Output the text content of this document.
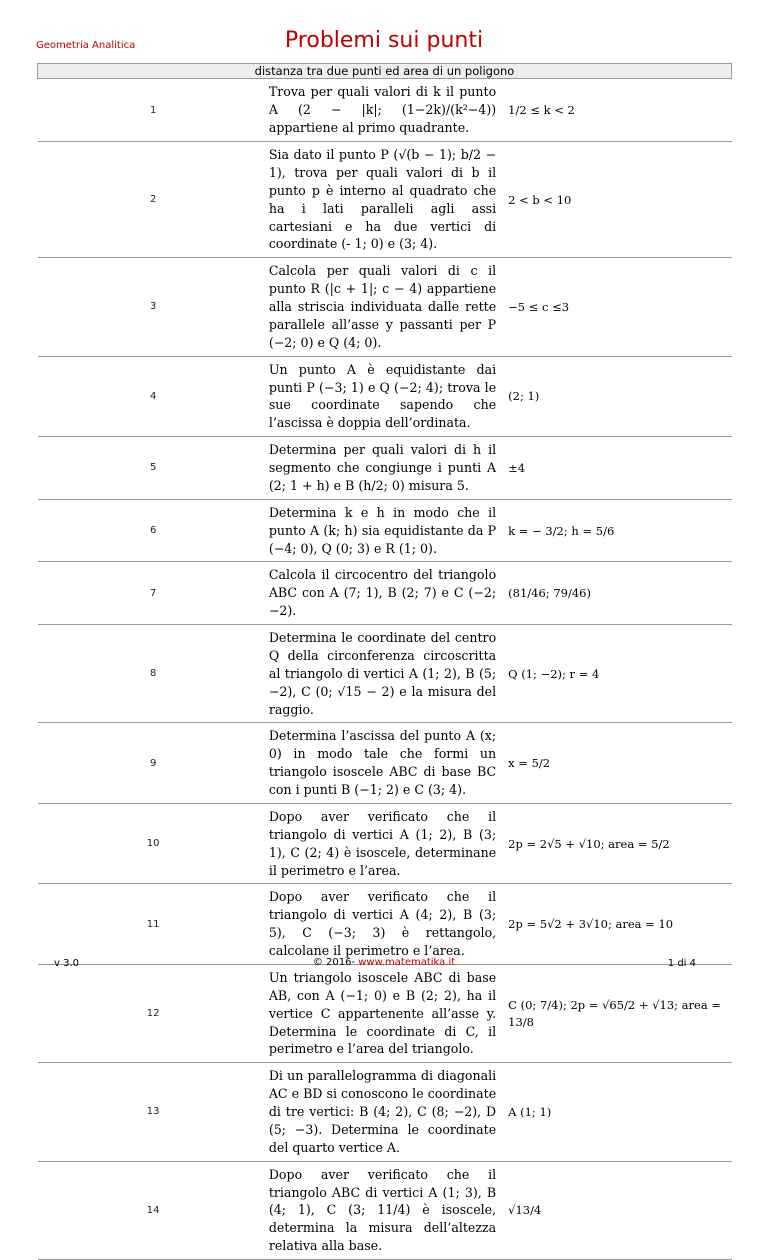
Geometria Analitica	Problemi sui punti
distanza tra due punti ed area di un poligono		
1	Trova per quali valori di k il punto A (2 − |k|; (1−2k)/(k²−4)) appartiene al primo quadrante.	1/2 ≤ k < 2
2	Sia dato il punto P (√(b − 1); b/2 − 1), trova per quali valori di b il punto p è interno al quadrato che ha i lati paralleli agli assi cartesiani e ha due vertici di coordinate (- 1; 0) e (3; 4).	2 < b < 10
3	Calcola per quali valori di c il punto R (|c + 1|; c − 4) appartiene alla striscia individuata dalle rette parallele all’asse y passanti per P (−2; 0) e Q (4; 0).	−5 ≤ c ≤3
4	Un punto A è equidistante dai punti P (−3; 1) e Q (−2; 4); trova le sue coordinate sapendo che l’ascissa è doppia dell’ordinata.	(2; 1)
5	Determina per quali valori di h il segmento che congiunge i punti A (2; 1 + h) e B (h/2; 0) misura 5.	±4
6	Determina k e h in modo che il punto A (k; h) sia equidistante da P (−4; 0), Q (0; 3) e R (1; 0).	k = − 3/2; h = 5/6
7	Calcola il circocentro del triangolo ABC con A (7; 1), B (2; 7) e C (−2; −2).	(81/46; 79/46)
8	Determina le coordinate del centro Q della circonferenza circoscritta al triangolo di vertici A (1; 2), B (5; −2), C (0; √15 − 2) e la misura del raggio.	Q (1; −2); r = 4
9	Determina l’ascissa del punto A (x; 0) in modo tale che formi un triangolo isoscele ABC di base BC con i punti B (−1; 2) e C (3; 4).	x = 5/2
10	Dopo aver verificato che il triangolo di vertici A (1; 2), B (3; 1), C (2; 4) è isoscele, determinane il perimetro e l’area.	2p = 2√5 + √10; area = 5/2
11	Dopo aver verificato che il triangolo di vertici A (4; 2), B (3; 5), C (−3; 3) è rettangolo, calcolane il perimetro e l’area.	2p = 5√2 + 3√10; area = 10
12	Un triangolo isoscele ABC di base AB, con A (−1; 0) e B (2; 2), ha il vertice C appartenente all’asse y. Determina le coordinate di C, il perimetro e l’area del triangolo.	C (0; 7/4); 2p = √65/2 + √13; area = 13/8
13	Di un parallelogramma di diagonali AC e BD si conoscono le coordinate di tre vertici: B (4; 2), C (8; −2), D (5; −3). Determina le coordinate del quarto vertice A.	A (1; 1)
14	Dopo aver verificato che il triangolo ABC di vertici A (1; 3), B (4; 1), C (3; 11/4) è isoscele, determina la misura dell’altezza relativa alla base.	√13/4
v 3.0	© 2016- www.matematika.it	1 di 4
